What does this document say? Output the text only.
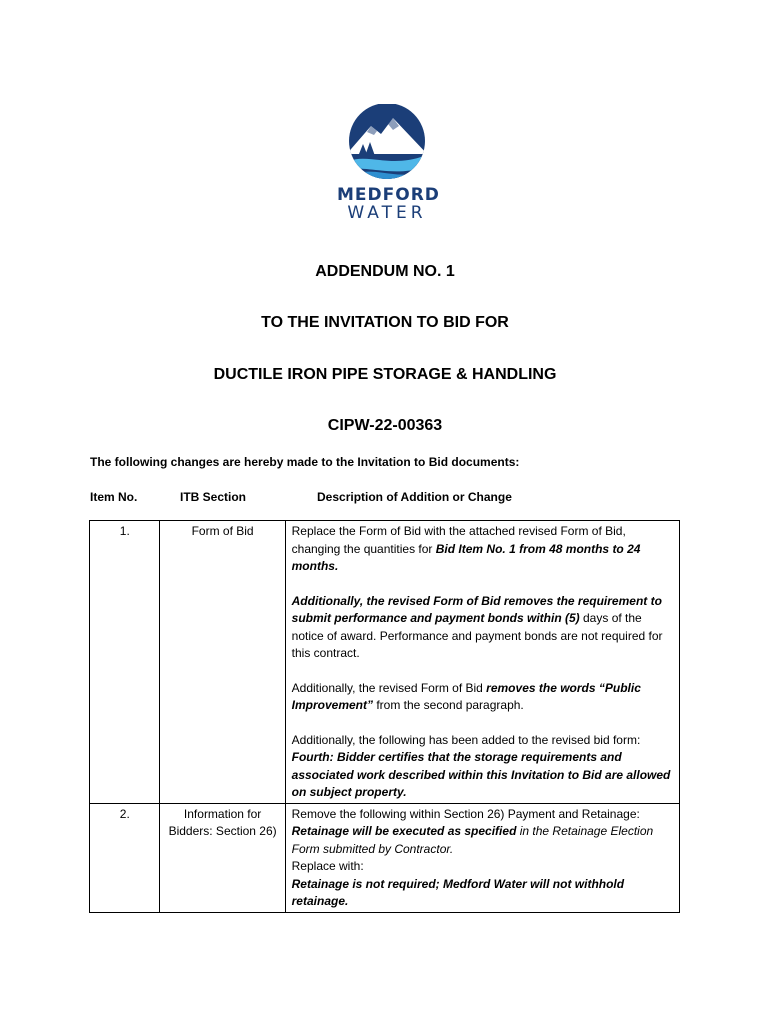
MEDFORD
WATER
ADDENDUM NO. 1
TO THE INVITATION TO BID FOR
DUCTILE IRON PIPE STORAGE & HANDLING
CIPW-22-00363
The following changes are hereby made to the Invitation to Bid documents:
Item No.	ITB Section	Description of Addition or Change
1.	Form of Bid	Replace the Form of Bid with the attached revised Form of Bid, changing the quantities for Bid Item No. 1 from 48 months to 24 months.
Additionally, the revised Form of Bid removes the requirement to submit performance and payment bonds within (5) days of the notice of award. Performance and payment bonds are not required for this contract.
Additionally, the revised Form of Bid removes the words “Public Improvement” from the second paragraph.
Additionally, the following has been added to the revised bid form: Fourth: Bidder certifies that the storage requirements and associated work described within this Invitation to Bid are allowed on subject property.

2.	Information for Bidders: Section 26)	Remove the following within Section 26) Payment and Retainage:
Retainage will be executed as specified in the Retainage Election Form submitted by Contractor.
Replace with:
Retainage is not required; Medford Water will not withhold retainage.
